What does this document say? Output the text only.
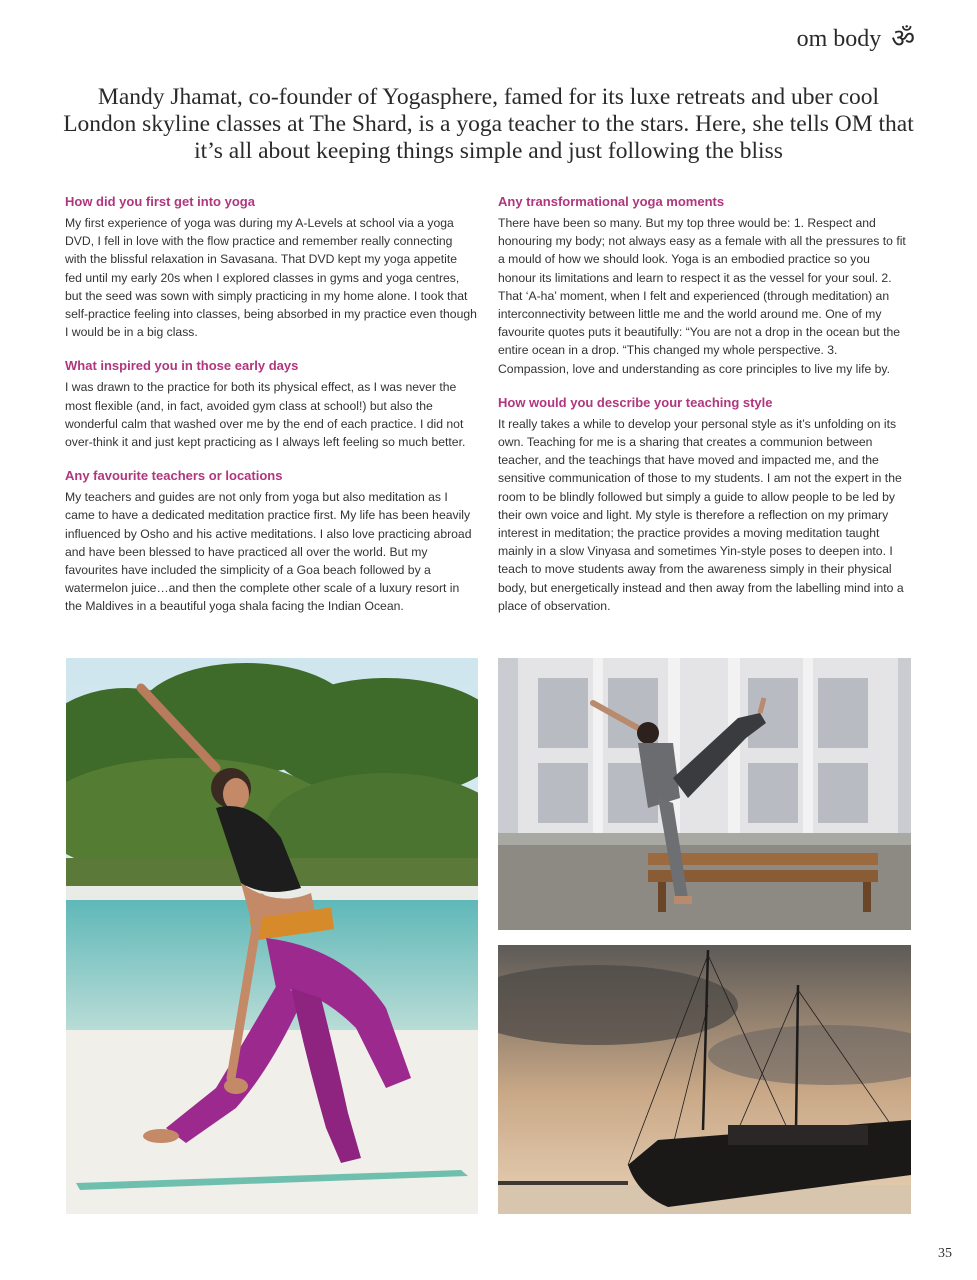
om body ॐ
Mandy Jhamat, co-founder of Yogasphere, famed for its luxe retreats and uber cool London skyline classes at The Shard, is a yoga teacher to the stars. Here, she tells OM that it’s all about keeping things simple and just following the bliss
How did you first get into yoga

My first experience of yoga was during my A-Levels at school via a yoga DVD, I fell in love with the flow practice and remember really connecting with the blissful relaxation in Savasana. That DVD kept my yoga appetite fed until my early 20s when I explored classes in gyms and yoga centres, but the seed was sown with simply practicing in my home alone. I took that self-practice feeling into classes, being absorbed in my practice even though I would be in a big class.

What inspired you in those early days

I was drawn to the practice for both its physical effect, as I was never the most flexible (and, in fact, avoided gym class at school!) but also the wonderful calm that washed over me by the end of each practice. I did not over-think it and just kept practicing as I always left feeling so much better.

Any favourite teachers or locations

My teachers and guides are not only from yoga but also meditation as I came to have a dedicated meditation practice first. My life has been heavily influenced by Osho and his active meditations. I also love practicing abroad and have been blessed to have practiced all over the world. But my favourites have included the simplicity of a Goa beach followed by a watermelon juice…and then the complete other scale of a luxury resort in the Maldives in a beautiful yoga shala facing the Indian Ocean.

Any transformational yoga moments

There have been so many. But my top three would be: 1. Respect and honouring my body; not always easy as a female with all the pressures to fit a mould of how we should look. Yoga is an embodied practice so you honour its limitations and learn to respect it as the vessel for your soul. 2. That ‘A-ha’ moment, when I felt and experienced (through meditation) an interconnectivity between little me and the world around me. One of my favourite quotes puts it beautifully: “You are not a drop in the ocean but the entire ocean in a drop. “This changed my whole perspective. 3. Compassion, love and understanding as core principles to live my life by.

How would you describe your teaching style

It really takes a while to develop your personal style as it’s unfolding on its own. Teaching for me is a sharing that creates a communion between teacher, and the teachings that have moved and impacted me, and the sensitive communication of those to my students. I am not the expert in the room to be blindly followed but simply a guide to allow people to be led by their own voice and light. My style is therefore a reflection on my primary interest in meditation; the practice provides a moving meditation taught mainly in a slow Vinyasa and sometimes Yin-style poses to deepen into. I teach to move students away from the awareness simply in their physical body, but energetically instead and then away from the labelling mind into a place of observation.

35
